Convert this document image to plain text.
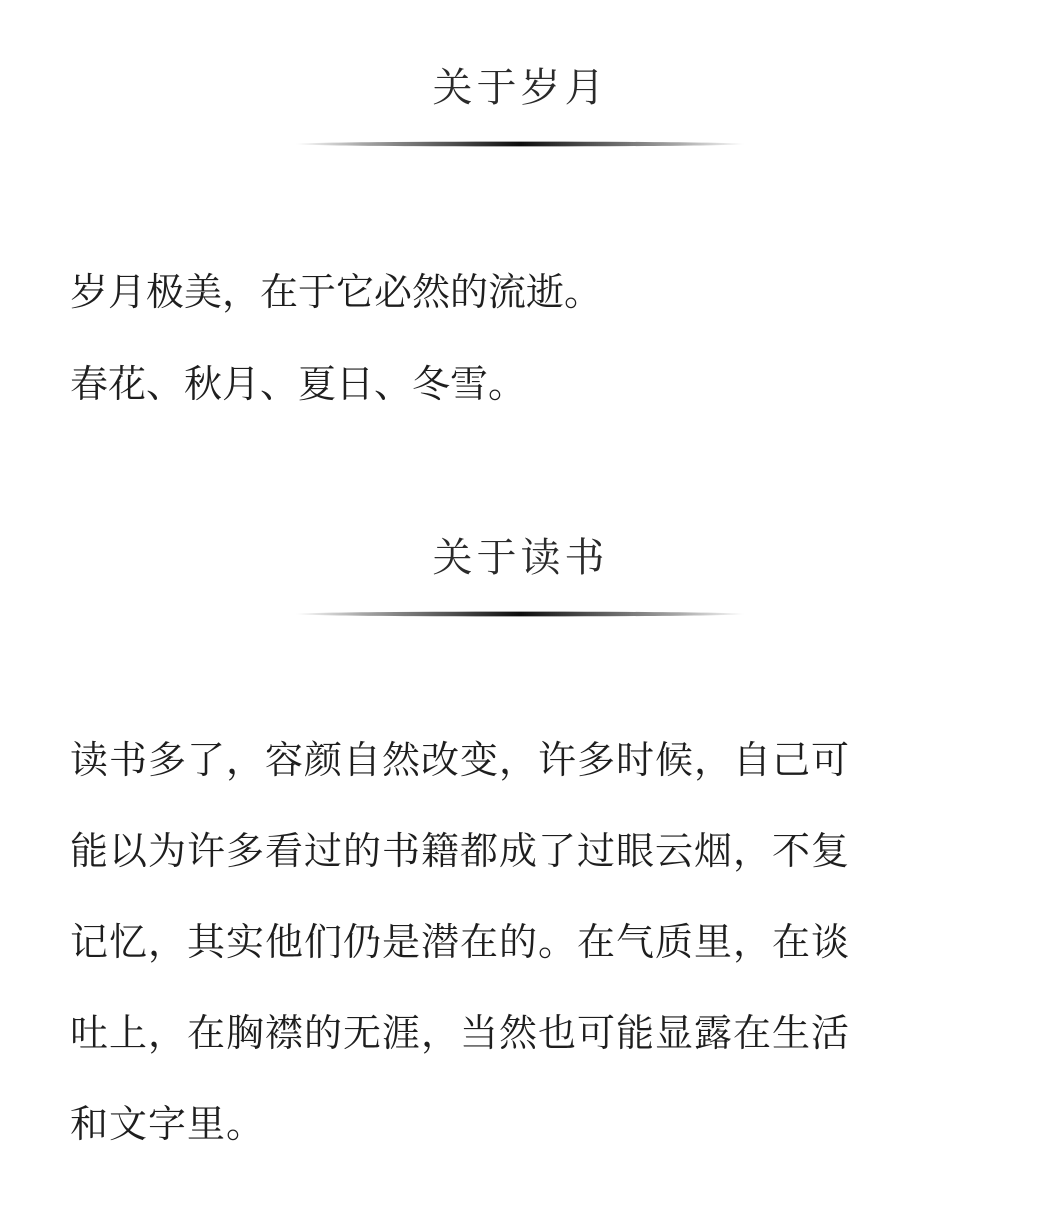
关于岁月
岁月极美，在于它必然的流逝。
春花、秋月、夏日、冬雪。
关于读书
读书多了，容颜自然改变，许多时候，自己可
能以为许多看过的书籍都成了过眼云烟，不复
记忆，其实他们仍是潜在的。在气质里，在谈
吐上，在胸襟的无涯，当然也可能显露在生活
和文字里。
